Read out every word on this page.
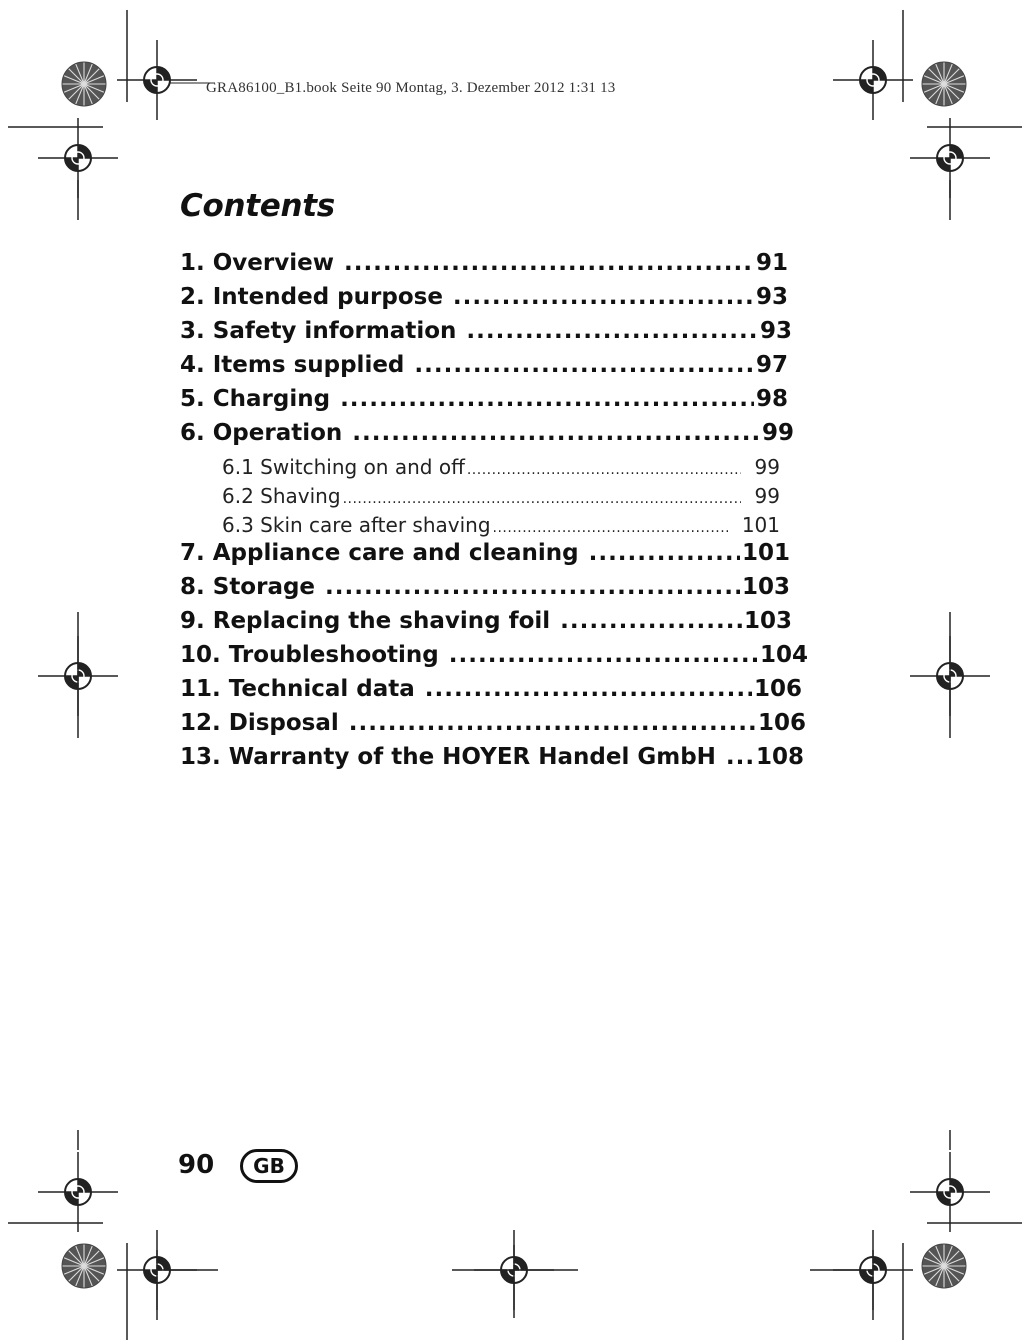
GRA86100_B1.book Seite 90 Montag, 3. Dezember 2012 1:31 13
Contents
1. Overview .....	91
2. Intended purpose .....	93
3. Safety information .....	93
4. Items supplied .....	97
5. Charging .....	98
6. Operation .....	99
6.1 Switching on and off .....	99
6.2 Shaving .....	99
6.3 Skin care after shaving .....	101
7. Appliance care and cleaning .....	101
8. Storage .....	103
9. Replacing the shaving foil .....	103
10. Troubleshooting .....	104
11. Technical data .....	106
12. Disposal .....	106
13. Warranty of the HOYER Handel GmbH ..... 108
90	GB
